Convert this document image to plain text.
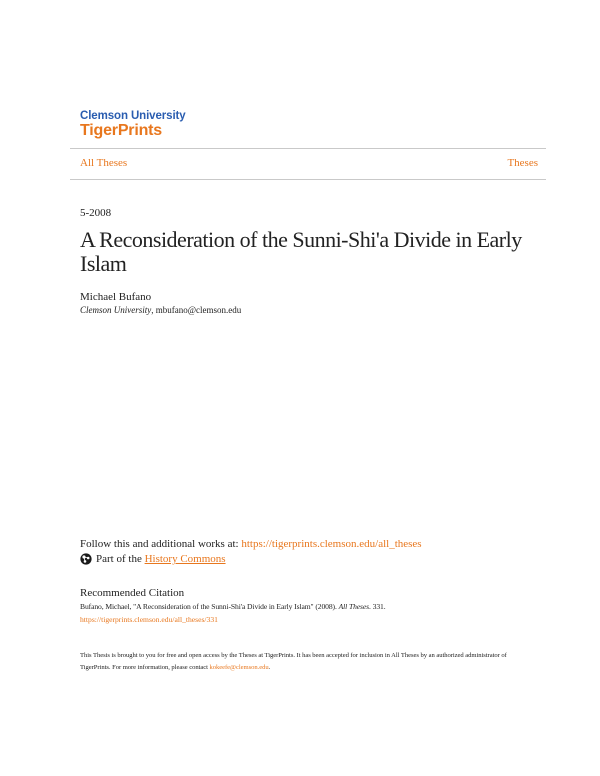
Clemson University
TigerPrints
All Theses	Theses
5-2008
A Reconsideration of the Sunni-Shi'a Divide in Early Islam
Michael Bufano
Clemson University, mbufano@clemson.edu
Follow this and additional works at: https://tigerprints.clemson.edu/all_theses
Part of the
History Commons
Recommended Citation
Bufano, Michael, "A Reconsideration of the Sunni-Shi'a Divide in Early Islam" (2008). All Theses. 331.
https://tigerprints.clemson.edu/all_theses/331
This Thesis is brought to you for free and open access by the Theses at TigerPrints. It has been accepted for inclusion in All Theses by an authorized administrator of TigerPrints. For more information, please contact kokeefe@clemson.edu.
